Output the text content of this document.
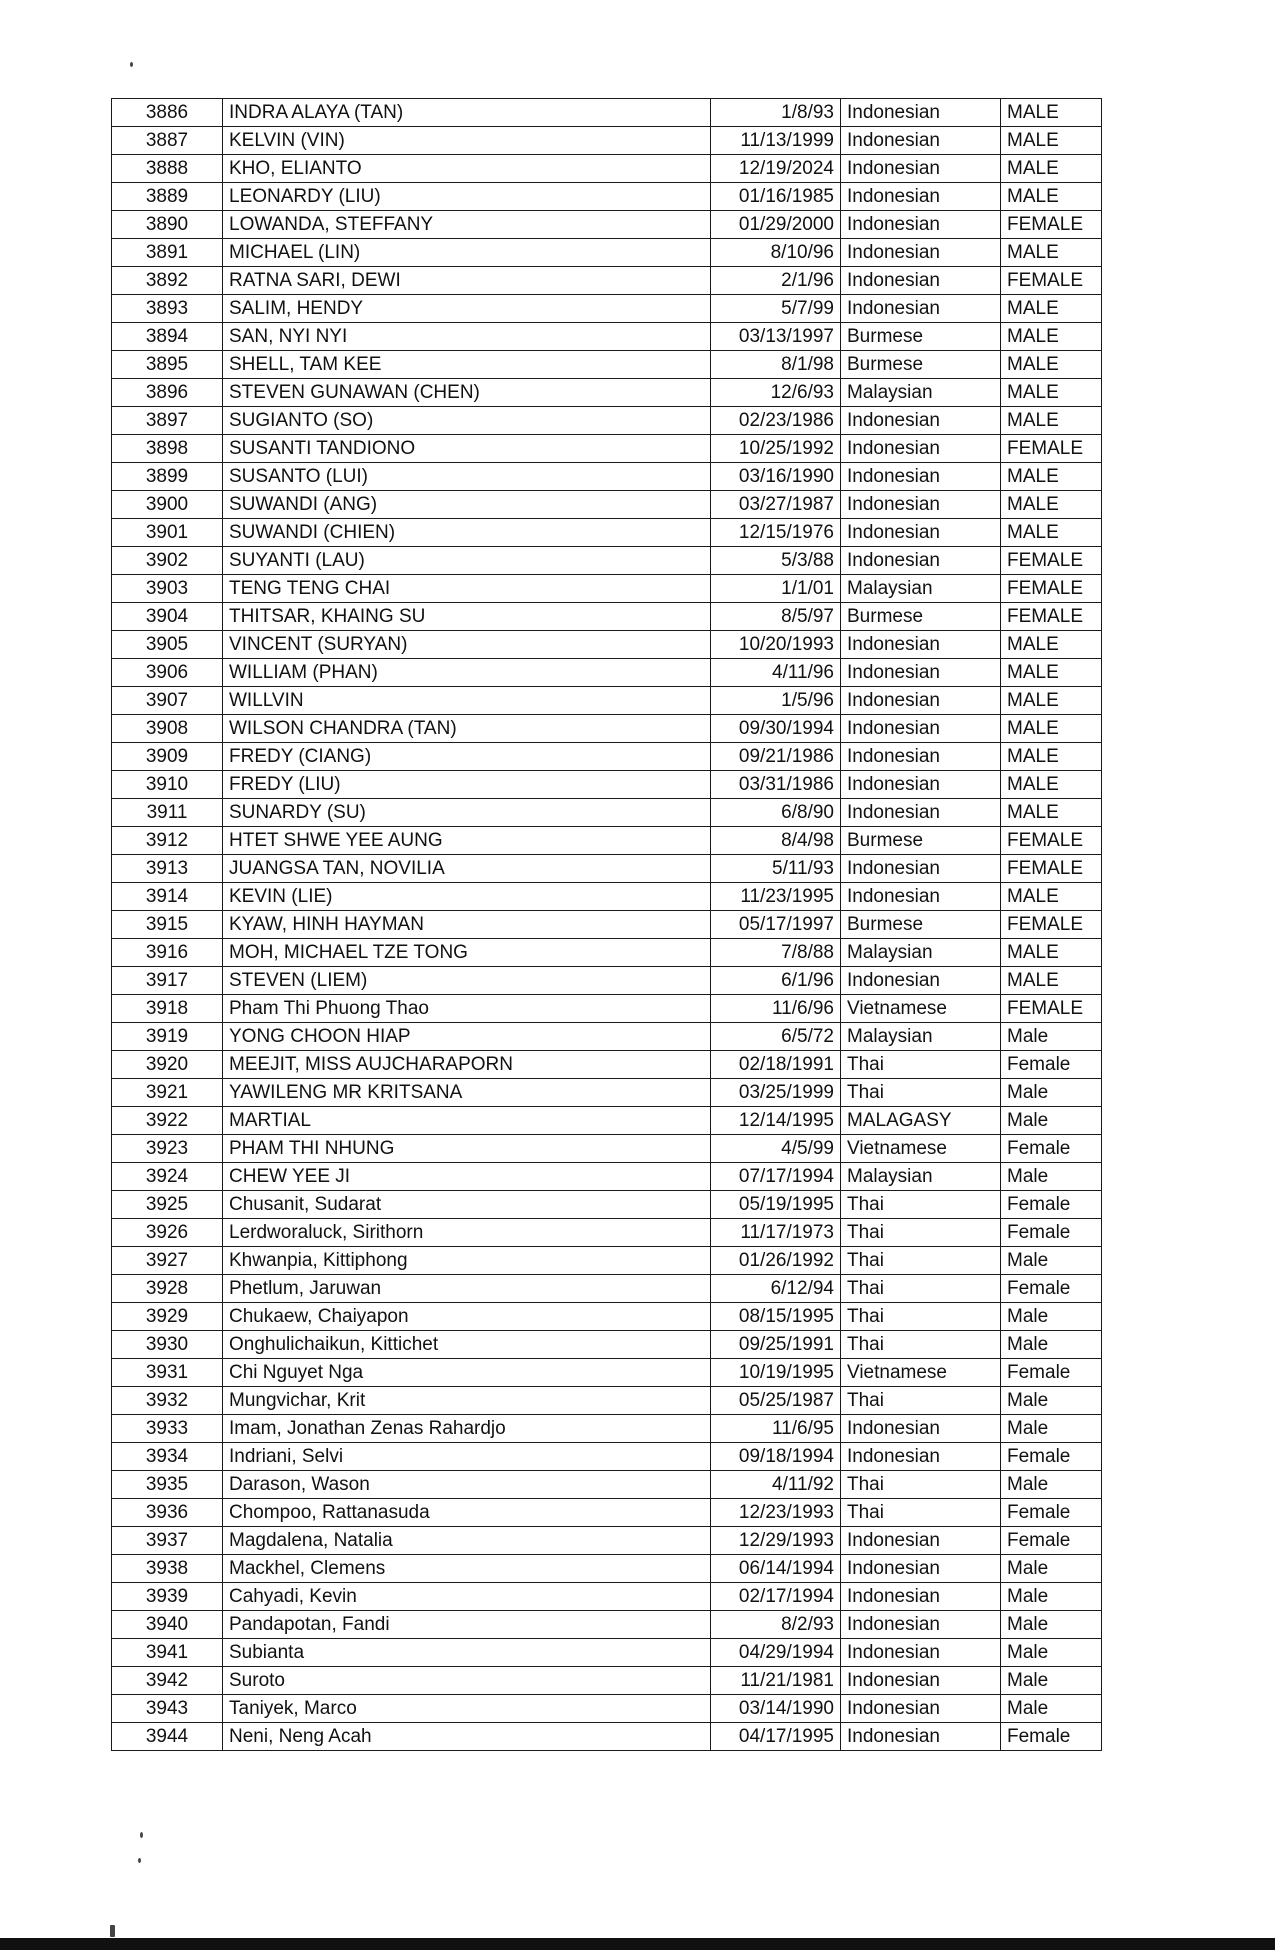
3886	INDRA ALAYA (TAN)	1/8/93	Indonesian	MALE
3887	KELVIN (VIN)	11/13/1999	Indonesian	MALE
3888	KHO, ELIANTO	12/19/2024	Indonesian	MALE
3889	LEONARDY (LIU)	01/16/1985	Indonesian	MALE
3890	LOWANDA, STEFFANY	01/29/2000	Indonesian	FEMALE
3891	MICHAEL (LIN)	8/10/96	Indonesian	MALE
3892	RATNA SARI, DEWI	2/1/96	Indonesian	FEMALE
3893	SALIM, HENDY	5/7/99	Indonesian	MALE
3894	SAN, NYI NYI	03/13/1997	Burmese	MALE
3895	SHELL, TAM KEE	8/1/98	Burmese	MALE
3896	STEVEN GUNAWAN (CHEN)	12/6/93	Malaysian	MALE
3897	SUGIANTO (SO)	02/23/1986	Indonesian	MALE
3898	SUSANTI TANDIONO	10/25/1992	Indonesian	FEMALE
3899	SUSANTO (LUI)	03/16/1990	Indonesian	MALE
3900	SUWANDI (ANG)	03/27/1987	Indonesian	MALE
3901	SUWANDI (CHIEN)	12/15/1976	Indonesian	MALE
3902	SUYANTI (LAU)	5/3/88	Indonesian	FEMALE
3903	TENG TENG CHAI	1/1/01	Malaysian	FEMALE
3904	THITSAR, KHAING SU	8/5/97	Burmese	FEMALE
3905	VINCENT (SURYAN)	10/20/1993	Indonesian	MALE
3906	WILLIAM (PHAN)	4/11/96	Indonesian	MALE
3907	WILLVIN	1/5/96	Indonesian	MALE
3908	WILSON CHANDRA (TAN)	09/30/1994	Indonesian	MALE
3909	FREDY (CIANG)	09/21/1986	Indonesian	MALE
3910	FREDY (LIU)	03/31/1986	Indonesian	MALE
3911	SUNARDY (SU)	6/8/90	Indonesian	MALE
3912	HTET SHWE YEE AUNG	8/4/98	Burmese	FEMALE
3913	JUANGSA TAN, NOVILIA	5/11/93	Indonesian	FEMALE
3914	KEVIN (LIE)	11/23/1995	Indonesian	MALE
3915	KYAW, HINH HAYMAN	05/17/1997	Burmese	FEMALE
3916	MOH, MICHAEL TZE TONG	7/8/88	Malaysian	MALE
3917	STEVEN (LIEM)	6/1/96	Indonesian	MALE
3918	Pham Thi Phuong Thao	11/6/96	Vietnamese	FEMALE
3919	YONG CHOON HIAP	6/5/72	Malaysian	Male
3920	MEEJIT, MISS AUJCHARAPORN	02/18/1991	Thai	Female
3921	YAWILENG MR KRITSANA	03/25/1999	Thai	Male
3922	MARTIAL	12/14/1995	MALAGASY	Male
3923	PHAM THI NHUNG	4/5/99	Vietnamese	Female
3924	CHEW YEE JI	07/17/1994	Malaysian	Male
3925	Chusanit, Sudarat	05/19/1995	Thai	Female
3926	Lerdworaluck, Sirithorn	11/17/1973	Thai	Female
3927	Khwanpia, Kittiphong	01/26/1992	Thai	Male
3928	Phetlum, Jaruwan	6/12/94	Thai	Female
3929	Chukaew, Chaiyapon	08/15/1995	Thai	Male
3930	Onghulichaikun, Kittichet	09/25/1991	Thai	Male
3931	Chi Nguyet Nga	10/19/1995	Vietnamese	Female
3932	Mungvichar, Krit	05/25/1987	Thai	Male
3933	Imam, Jonathan Zenas Rahardjo	11/6/95	Indonesian	Male
3934	Indriani, Selvi	09/18/1994	Indonesian	Female
3935	Darason, Wason	4/11/92	Thai	Male
3936	Chompoo, Rattanasuda	12/23/1993	Thai	Female
3937	Magdalena, Natalia	12/29/1993	Indonesian	Female
3938	Mackhel, Clemens	06/14/1994	Indonesian	Male
3939	Cahyadi, Kevin	02/17/1994	Indonesian	Male
3940	Pandapotan, Fandi	8/2/93	Indonesian	Male
3941	Subianta	04/29/1994	Indonesian	Male
3942	Suroto	11/21/1981	Indonesian	Male
3943	Taniyek, Marco	03/14/1990	Indonesian	Male
3944	Neni, Neng Acah	04/17/1995	Indonesian	Female
